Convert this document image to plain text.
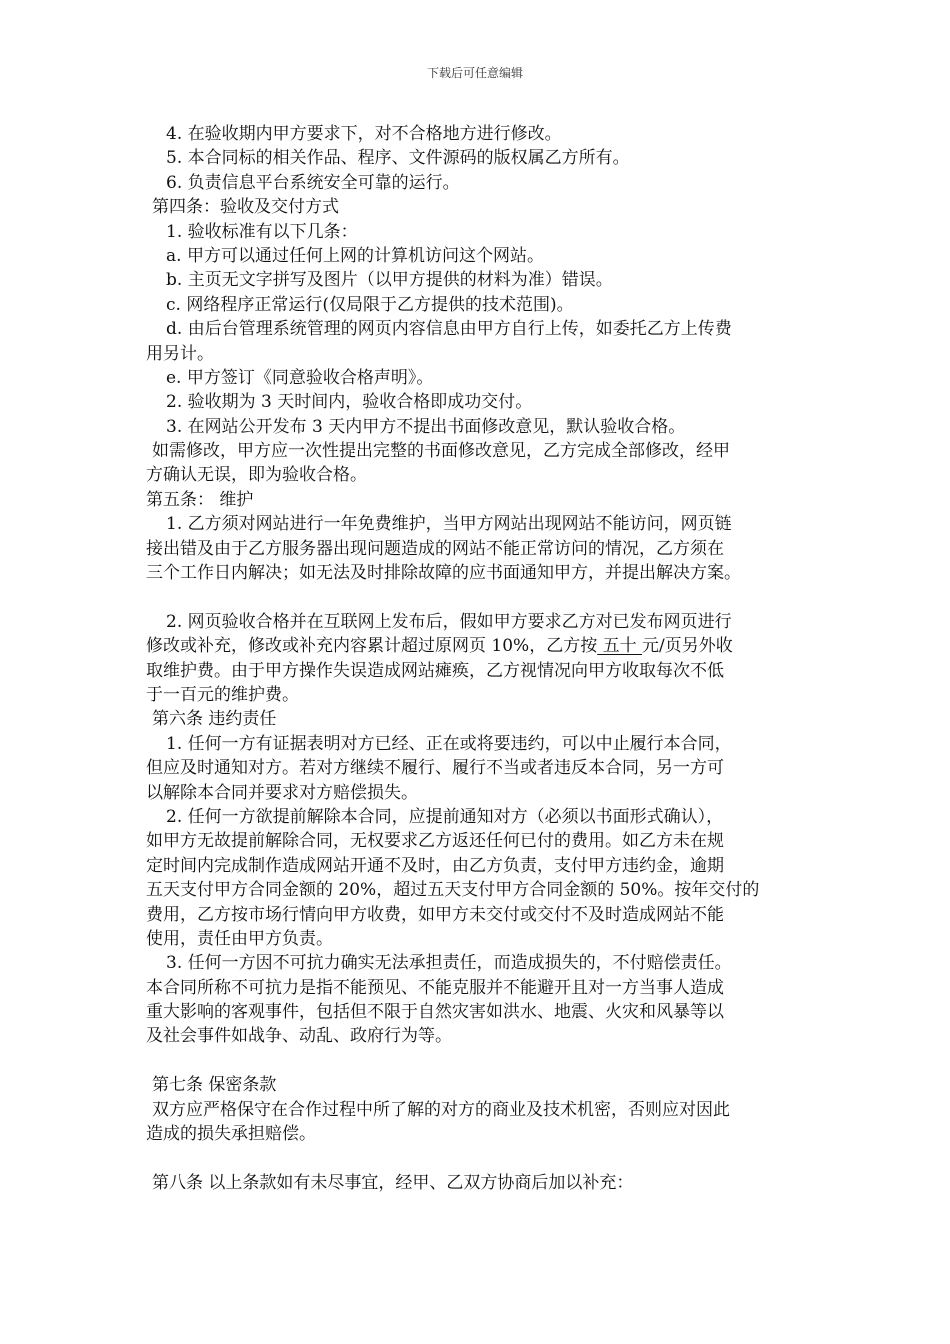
下载后可任意编辑
4. 在验收期内甲方要求下，对不合格地方进行修改。
5. 本合同标的相关作品、程序、文件源码的版权属乙方所有。
6. 负责信息平台系统安全可靠的运行。
第四条：验收及交付方式
1. 验收标准有以下几条：
a. 甲方可以通过任何上网的计算机访问这个网站。
b. 主页无文字拼写及图片（以甲方提供的材料为准）错误。
c. 网络程序正常运行(仅局限于乙方提供的技术范围)。
d. 由后台管理系统管理的网页内容信息由甲方自行上传，如委托乙方上传费
用另计。
e. 甲方签订《同意验收合格声明》。
2. 验收期为 3 天时间内，验收合格即成功交付。
3. 在网站公开发布 3 天内甲方不提出书面修改意见，默认验收合格。
如需修改，甲方应一次性提出完整的书面修改意见，乙方完成全部修改，经甲
方确认无误，即为验收合格。
第五条： 维护
1. 乙方须对网站进行一年免费维护，当甲方网站出现网站不能访问，网页链
接出错及由于乙方服务器出现问题造成的网站不能正常访问的情况，乙方须在
三个工作日内解决；如无法及时排除故障的应书面通知甲方，并提出解决方案。
2. 网页验收合格并在互联网上发布后，假如甲方要求乙方对已发布网页进行
修改或补充，修改或补充内容累计超过原网页 10%，乙方按 五十 元/页另外收
取维护费。由于甲方操作失误造成网站瘫痪，乙方视情况向甲方收取每次不低
于一百元的维护费。
第六条 违约责任
1. 任何一方有证据表明对方已经、正在或将要违约，可以中止履行本合同，
但应及时通知对方。若对方继续不履行、履行不当或者违反本合同，另一方可
以解除本合同并要求对方赔偿损失。
2. 任何一方欲提前解除本合同，应提前通知对方（必须以书面形式确认），
如甲方无故提前解除合同，无权要求乙方返还任何已付的费用。如乙方未在规
定时间内完成制作造成网站开通不及时，由乙方负责，支付甲方违约金，逾期
五天支付甲方合同金额的 20%，超过五天支付甲方合同金额的 50%。按年交付的
费用，乙方按市场行情向甲方收费，如甲方未交付或交付不及时造成网站不能
使用，责任由甲方负责。
3. 任何一方因不可抗力确实无法承担责任，而造成损失的，不付赔偿责任。
本合同所称不可抗力是指不能预见、不能克服并不能避开且对一方当事人造成
重大影响的客观事件，包括但不限于自然灾害如洪水、地震、火灾和风暴等以
及社会事件如战争、动乱、政府行为等。
第七条 保密条款
双方应严格保守在合作过程中所了解的对方的商业及技术机密，否则应对因此
造成的损失承担赔偿。
第八条 以上条款如有未尽事宜，经甲、乙双方协商后加以补充：
